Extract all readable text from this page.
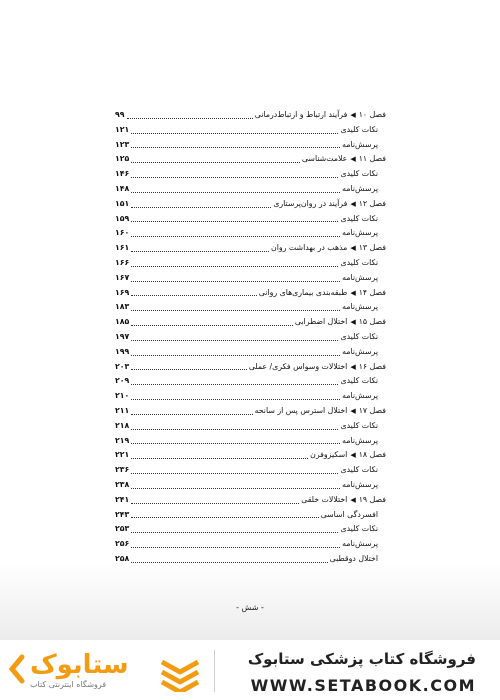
فصل ۱۰◀فرآیند ارتباط و ارتباط‌درمانی
۹۹
نکات کلیدی
۱۲۱
پرسش‌نامه
۱۲۳
فصل ۱۱◀علامت‌شناسی
۱۲۵
نکات کلیدی
۱۴۶
پرسش‌نامه
۱۴۸
فصل ۱۲◀فرآیند در روان‌پرستاری
۱۵۱
نکات کلیدی
۱۵۹
پرسش‌نامه
۱۶۰
فصل ۱۳◀مذهب در بهداشت روان
۱۶۱
نکات کلیدی
۱۶۶
پرسش‌نامه
۱۶۷
فصل ۱۴◀طبقه‌بندی بیماری‌های روانی
۱۶۹
پرسش‌نامه
۱۸۳
فصل ۱۵◀اختلال اضطرابی
۱۸۵
نکات کلیدی
۱۹۷
پرسش‌نامه
۱۹۹
فصل ۱۶◀اختلالات وسواس فکری/ عملی
۲۰۳
نکات کلیدی
۲۰۹
پرسش‌نامه
۲۱۰
فصل ۱۷◀اختلال استرس پس از سانحه
۲۱۱
نکات کلیدی
۲۱۸
پرسش‌نامه
۲۱۹
فصل ۱۸◀اسکیزوفرن
۲۲۱
نکات کلیدی
۲۳۶
پرسش‌نامه
۲۳۸
فصل ۱۹◀اختلالات خلقی
۲۴۱
افسردگی اساسی
۲۴۳
نکات کلیدی
۲۵۳
پرسش‌نامه
۲۵۶
اختلال دوقطبی
۲۵۸
- شش -
ستابوک
فروشگاه اینترنتی کتاب
فروشگاه کتاب پزشکی ستابوک
WWW.SETABOOK.COM
